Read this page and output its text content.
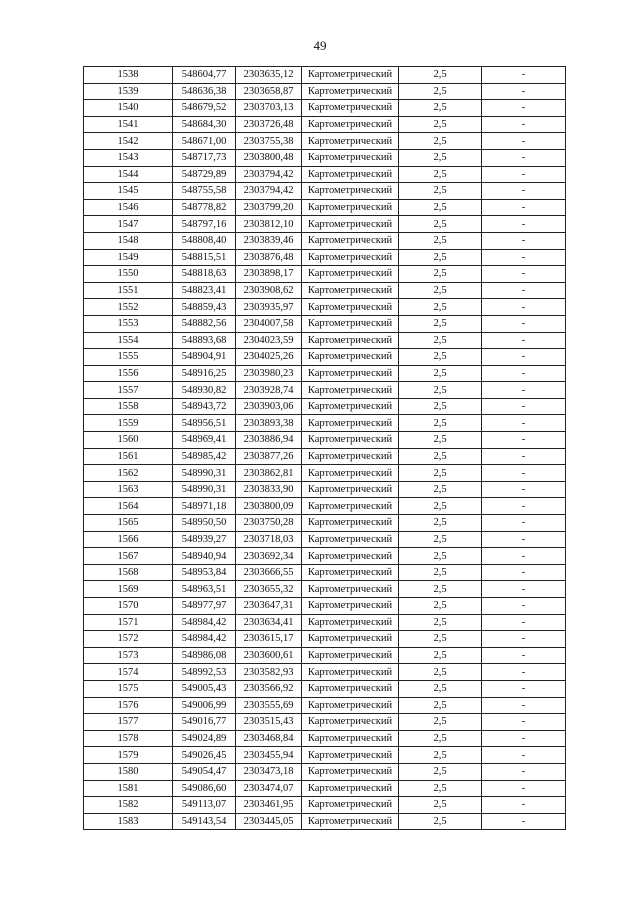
49
1538	548604,77	2303635,12	Картометрический	2,5	-
1539	548636,38	2303658,87	Картометрический	2,5	-
1540	548679,52	2303703,13	Картометрический	2,5	-
1541	548684,30	2303726,48	Картометрический	2,5	-
1542	548671,00	2303755,38	Картометрический	2,5	-
1543	548717,73	2303800,48	Картометрический	2,5	-
1544	548729,89	2303794,42	Картометрический	2,5	-
1545	548755,58	2303794,42	Картометрический	2,5	-
1546	548778,82	2303799,20	Картометрический	2,5	-
1547	548797,16	2303812,10	Картометрический	2,5	-
1548	548808,40	2303839,46	Картометрический	2,5	-
1549	548815,51	2303876,48	Картометрический	2,5	-
1550	548818,63	2303898,17	Картометрический	2,5	-
1551	548823,41	2303908,62	Картометрический	2,5	-
1552	548859,43	2303935,97	Картометрический	2,5	-
1553	548882,56	2304007,58	Картометрический	2,5	-
1554	548893,68	2304023,59	Картометрический	2,5	-
1555	548904,91	2304025,26	Картометрический	2,5	-
1556	548916,25	2303980,23	Картометрический	2,5	-
1557	548930,82	2303928,74	Картометрический	2,5	-
1558	548943,72	2303903,06	Картометрический	2,5	-
1559	548956,51	2303893,38	Картометрический	2,5	-
1560	548969,41	2303886,94	Картометрический	2,5	-
1561	548985,42	2303877,26	Картометрический	2,5	-
1562	548990,31	2303862,81	Картометрический	2,5	-
1563	548990,31	2303833,90	Картометрический	2,5	-
1564	548971,18	2303800,09	Картометрический	2,5	-
1565	548950,50	2303750,28	Картометрический	2,5	-
1566	548939,27	2303718,03	Картометрический	2,5	-
1567	548940,94	2303692,34	Картометрический	2,5	-
1568	548953,84	2303666,55	Картометрический	2,5	-
1569	548963,51	2303655,32	Картометрический	2,5	-
1570	548977,97	2303647,31	Картометрический	2,5	-
1571	548984,42	2303634,41	Картометрический	2,5	-
1572	548984,42	2303615,17	Картометрический	2,5	-
1573	548986,08	2303600,61	Картометрический	2,5	-
1574	548992,53	2303582,93	Картометрический	2,5	-
1575	549005,43	2303566,92	Картометрический	2,5	-
1576	549006,99	2303555,69	Картометрический	2,5	-
1577	549016,77	2303515,43	Картометрический	2,5	-
1578	549024,89	2303468,84	Картометрический	2,5	-
1579	549026,45	2303455,94	Картометрический	2,5	-
1580	549054,47	2303473,18	Картометрический	2,5	-
1581	549086,60	2303474,07	Картометрический	2,5	-
1582	549113,07	2303461,95	Картометрический	2,5	-
1583	549143,54	2303445,05	Картометрический	2,5	-
